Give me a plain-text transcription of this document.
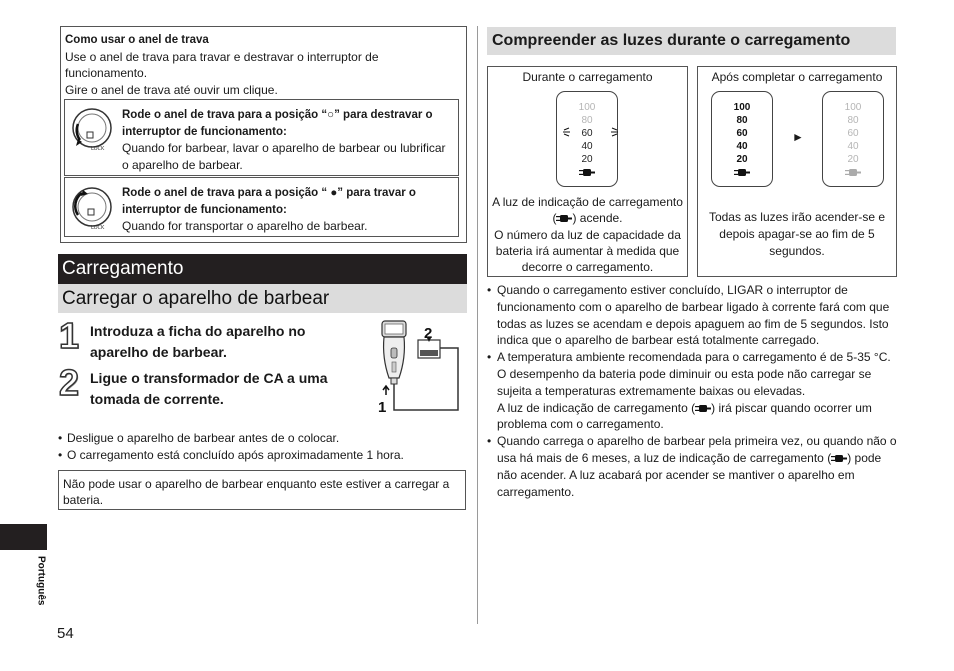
Como usar o anel de trava
Use o anel de trava para travar e destravar o interruptor de funcionamento.
Gire o anel de trava até ouvir um clique.
LOCK
Rode o anel de trava para a posição “○” para destravar o interruptor de funcionamento:
Quando for barbear, lavar o aparelho de barbear ou lubrificar o aparelho de barbear.
LOCK
Rode o anel de trava para a posição “ ●” para travar o interruptor de funcionamento:
Quando for transportar o aparelho de barbear.
Carregamento
Carregar o aparelho de barbear
1 Introduza a ficha do aparelho no aparelho de barbear.
2 Ligue o transformador de CA a uma tomada de corrente.
2
1
• Desligue o aparelho de barbear antes de o colocar.
• O carregamento está concluído após aproximadamente 1 hora.
Não pode usar o aparelho de barbear enquanto este estiver a carregar a bateria.
Português
54
Compreender as luzes durante o carregamento
Durante o carregamento
100
80
60
40
20
A luz de indicação de carregamento ( ) acende.
O número da luz de capacidade da bateria irá aumentar à medida que decorre o carregamento.
Após completar o carregamento
100
80
60
40
20
►
100
80
60
40
20
Todas as luzes irão acender-se e depois apagar-se ao fim de 5 segundos.
• Quando o carregamento estiver concluído, LIGAR o interruptor de funcionamento com o aparelho de barbear ligado à corrente fará com que todas as luzes se acendam e depois apaguem ao fim de 5 segundos. Isto indica que o aparelho de barbear está totalmente carregado.
• A temperatura ambiente recomendada para o carregamento é de 5-35 °C. O desempenho da bateria pode diminuir ou esta pode não carregar se sujeita a temperaturas extremamente baixas ou elevadas.
A luz de indicação de carregamento ( ) irá piscar quando ocorrer um problema com o carregamento.
• Quando carrega o aparelho de barbear pela primeira vez, ou quando não o usa há mais de 6 meses, a luz de indicação de carregamento ( ) pode não acender. A luz acabará por acender se mantiver o aparelho em carregamento.
